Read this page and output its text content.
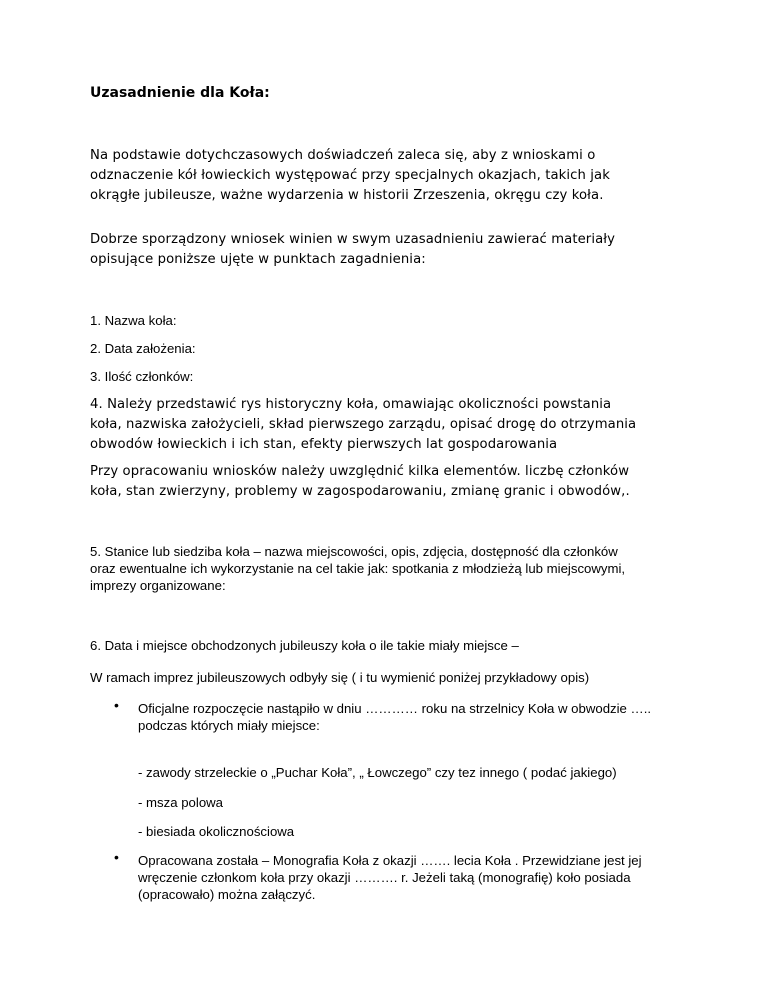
Uzasadnienie dla Koła:
Na podstawie dotychczasowych doświadczeń zaleca się, aby z wnioskami o
odznaczenie kół łowieckich występować przy specjalnych okazjach, takich jak
okrągłe jubileusze, ważne wydarzenia w historii Zrzeszenia, okręgu czy koła.
Dobrze sporządzony wniosek winien w swym uzasadnieniu zawierać materiały
opisujące poniższe ujęte w punktach zagadnienia:
1. Nazwa koła:
2. Data założenia:
3. Ilość członków:
4. Należy przedstawić rys historyczny koła, omawiając okoliczności powstania
koła, nazwiska założycieli, skład pierwszego zarządu, opisać drogę do otrzymania
obwodów łowieckich i ich stan, efekty pierwszych lat gospodarowania
Przy opracowaniu wniosków należy uwzględnić kilka elementów. liczbę członków
koła, stan zwierzyny, problemy w zagospodarowaniu, zmianę granic i obwodów,.
5. Stanice lub siedziba koła – nazwa miejscowości, opis, zdjęcia, dostępność dla członków
oraz ewentualne ich wykorzystanie na cel takie jak: spotkania z młodzieżą lub miejscowymi,
imprezy organizowane:
6. Data i miejsce obchodzonych jubileuszy koła o ile takie miały miejsce –
W ramach imprez jubileuszowych odbyły się ( i tu wymienić poniżej przykładowy opis)
• Oficjalne rozpoczęcie nastąpiło w dniu ………… roku na strzelnicy Koła w obwodzie …..
podczas których miały miejsce:
- zawody strzeleckie o „Puchar Koła”, „ Łowczego” czy tez innego ( podać jakiego)
- msza polowa
- biesiada okolicznościowa
• Opracowana została – Monografia Koła z okazji ……. lecia Koła . Przewidziane jest jej
wręczenie członkom koła przy okazji ………. r. Jeżeli taką (monografię) koło posiada
(opracowało) można załączyć.
